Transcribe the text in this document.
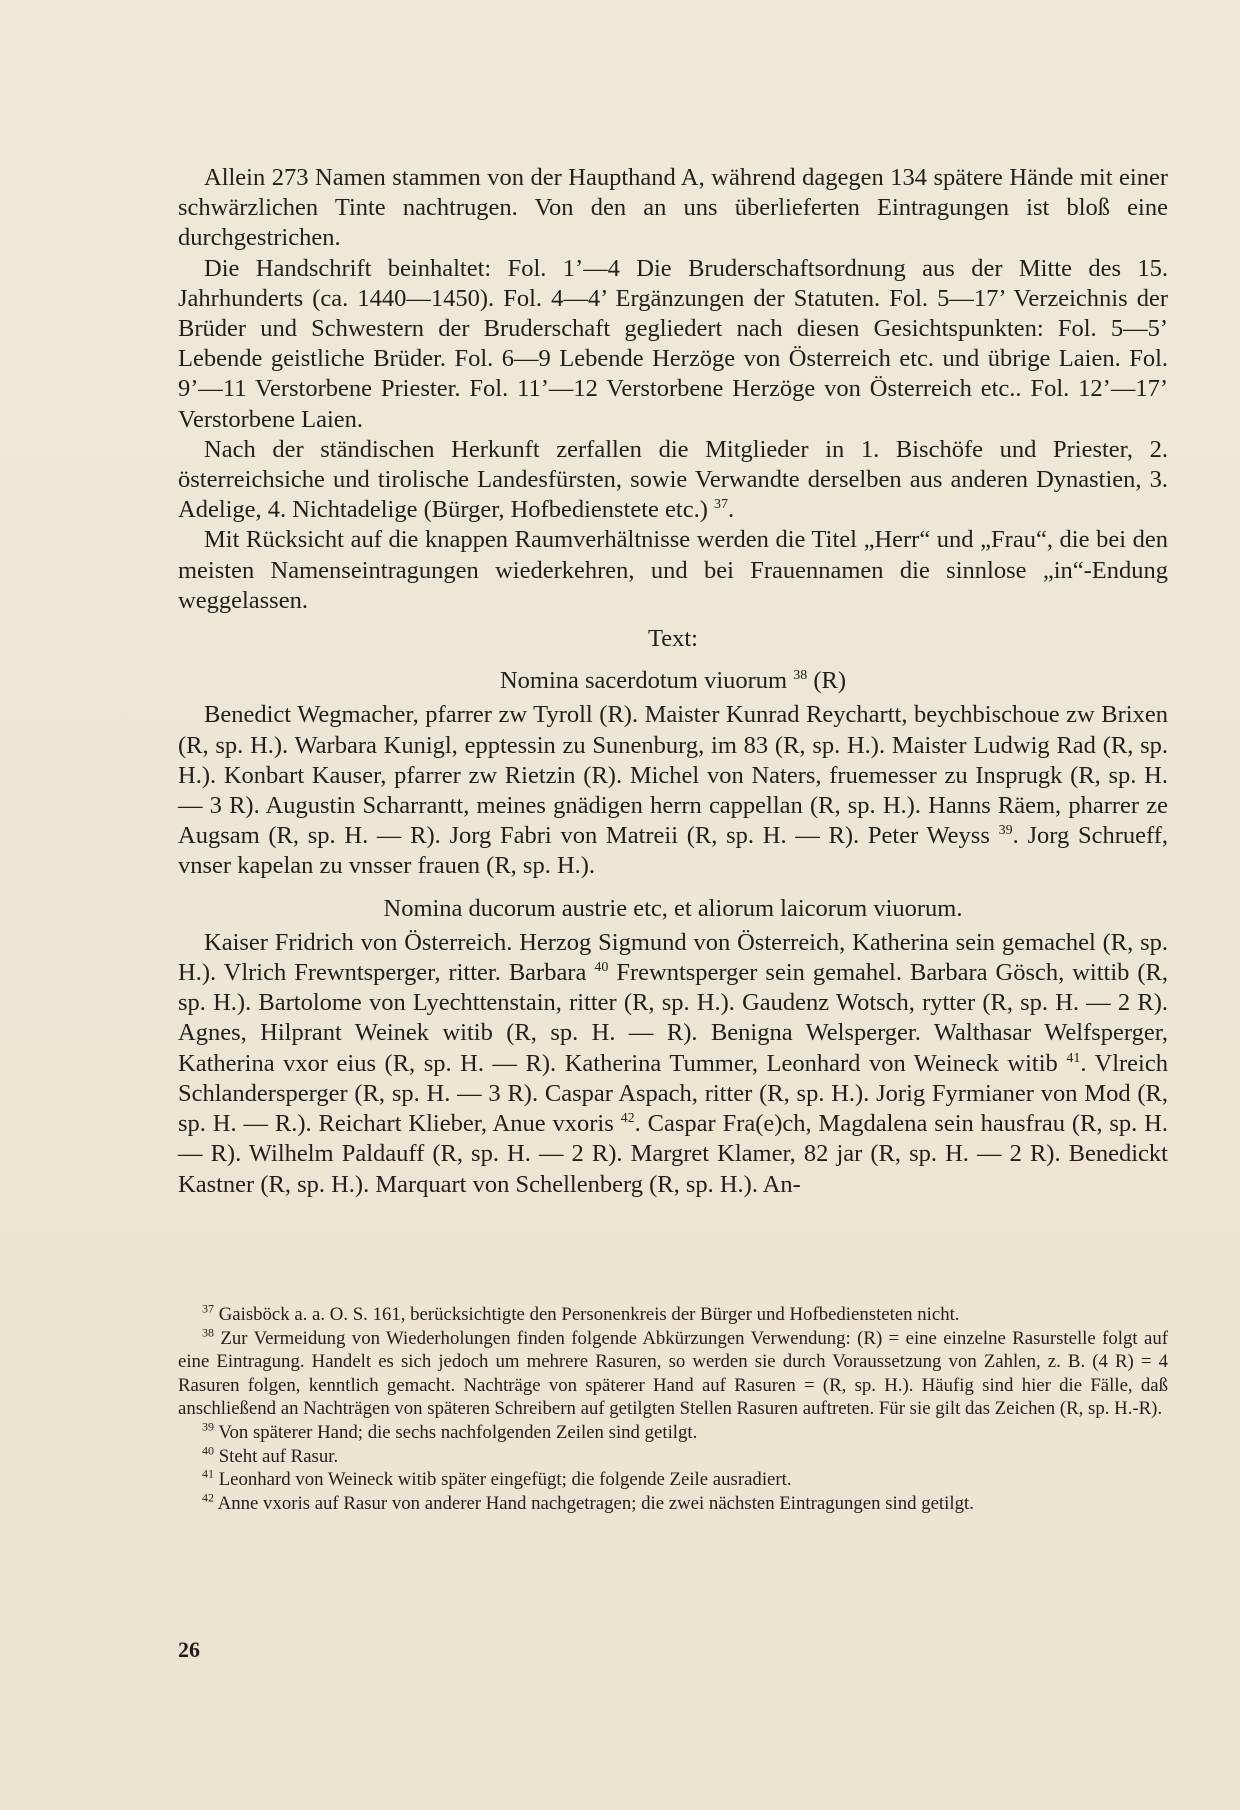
Allein 273 Namen stammen von der Haupthand A, während dagegen 134 spätere Hände mit einer schwärzlichen Tinte nachtrugen. Von den an uns überlieferten Eintragungen ist bloß eine durchgestrichen.

Die Handschrift beinhaltet: Fol. 1’—4 Die Bruderschaftsordnung aus der Mitte des 15. Jahrhunderts (ca. 1440—1450). Fol. 4—4’ Ergänzungen der Statuten. Fol. 5—17’ Verzeichnis der Brüder und Schwestern der Bruderschaft gegliedert nach diesen Gesichtspunkten: Fol. 5—5’ Lebende geistliche Brüder. Fol. 6—9 Lebende Herzöge von Österreich etc. und übrige Laien. Fol. 9’—11 Verstorbene Priester. Fol. 11’—12 Verstorbene Herzöge von Österreich etc.. Fol. 12’—17’ Verstorbene Laien.

Nach der ständischen Herkunft zerfallen die Mitglieder in 1. Bischöfe und Priester, 2. österreichsiche und tirolische Landesfürsten, sowie Verwandte derselben aus anderen Dynastien, 3. Adelige, 4. Nichtadelige (Bürger, Hofbedienstete etc.) $^{37}$.

Mit Rücksicht auf die knappen Raumverhältnisse werden die Titel „Herr“ und „Frau“, die bei den meisten Namenseintragungen wiederkehren, und bei Frauennamen die sinnlose „in“-Endung weggelassen.

Text:

Nomina sacerdotum viuorum $^{38}$ (R)

Benedict Wegmacher, pfarrer zw Tyroll (R). Maister Kunrad Reychartt, beychbischoue zw Brixen (R, sp. H.). Warbara Kunigl, epptessin zu Sunenburg, im 83 (R, sp. H.). Maister Ludwig Rad (R, sp. H.). Konbart Kauser, pfarrer zw Rietzin (R). Michel von Naters, fruemesser zu Insprugk (R, sp. H. — 3 R). Augustin Scharrantt, meines gnädigen herrn cappellan (R, sp. H.). Hanns Räem, pharrer ze Augsam (R, sp. H. — R). Jorg Fabri von Matreii (R, sp. H. — R). Peter Weyss $^{39}$. Jorg Schrueff, vnser kapelan zu vnsser frauen (R, sp. H.).

Nomina ducorum austrie etc, et aliorum laicorum viuorum.

Kaiser Fridrich von Österreich. Herzog Sigmund von Österreich, Katherina sein gemachel (R, sp. H.). Vlrich Frewntsperger, ritter. Barbara $^{40}$ Frewntsperger sein gemahel. Barbara Gösch, wittib (R, sp. H.). Bartolome von Lyechttenstain, ritter (R, sp. H.). Gaudenz Wotsch, rytter (R, sp. H. — 2 R). Agnes, Hilprant Weinek witib (R, sp. H. — R). Benigna Welsperger. Walthasar Welfsperger, Katherina vxor eius (R, sp. H. — R). Katherina Tummer, Leonhard von Weineck witib $^{41}$. Vlreich Schlandersperger (R, sp. H. — 3 R). Caspar Aspach, ritter (R, sp. H.). Jorig Fyrmianer von Mod (R, sp. H. — R.). Reichart Klieber, Anue vxoris $^{42}$. Caspar Fra(e)ch, Magdalena sein hausfrau (R, sp. H. — R). Wilhelm Paldauff (R, sp. H. — 2 R). Margret Klamer, 82 jar (R, sp. H. — 2 R). Benedickt Kastner (R, sp. H.). Marquart von Schellenberg (R, sp. H.). An-

$^{37}$ Gaisböck a. a. O. S. 161, berücksichtigte den Personenkreis der Bürger und Hofbediensteten nicht.

$^{38}$ Zur Vermeidung von Wiederholungen finden folgende Abkürzungen Verwendung: (R) = eine einzelne Rasurstelle folgt auf eine Eintragung. Handelt es sich jedoch um mehrere Rasuren, so werden sie durch Voraussetzung von Zahlen, z. B. (4 R) = 4 Rasuren folgen, kenntlich gemacht. Nachträge von späterer Hand auf Rasuren = (R, sp. H.). Häufig sind hier die Fälle, daß anschließend an Nachträgen von späteren Schreibern auf getilgten Stellen Rasuren auftreten. Für sie gilt das Zeichen (R, sp. H.-R).

$^{39}$ Von späterer Hand; die sechs nachfolgenden Zeilen sind getilgt.

$^{40}$ Steht auf Rasur.

$^{41}$ Leonhard von Weineck witib später eingefügt; die folgende Zeile ausradiert.

$^{42}$ Anne vxoris auf Rasur von anderer Hand nachgetragen; die zwei nächsten Eintragungen sind getilgt.

26
